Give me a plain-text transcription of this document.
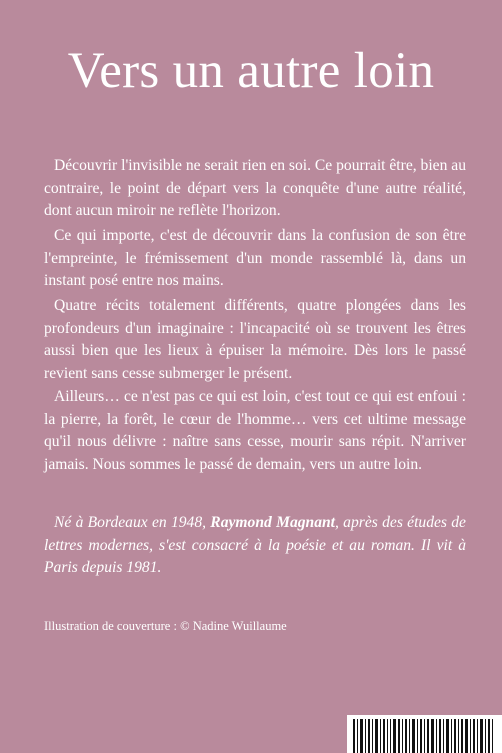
Vers un autre loin

Découvrir l'invisible ne serait rien en soi. Ce pourrait être, bien au contraire, le point de départ vers la conquête d'une autre réalité, dont aucun miroir ne reflète l'horizon.

Ce qui importe, c'est de découvrir dans la confusion de son être l'empreinte, le frémissement d'un monde rassemblé là, dans un instant posé entre nos mains.

Quatre récits totalement différents, quatre plongées dans les profondeurs d'un imaginaire : l'incapacité où se trouvent les êtres aussi bien que les lieux à épuiser la mémoire. Dès lors le passé revient sans cesse submerger le présent.

Ailleurs… ce n'est pas ce qui est loin, c'est tout ce qui est enfoui : la pierre, la forêt, le cœur de l'homme… vers cet ultime message qu'il nous délivre : naître sans cesse, mourir sans répit. N'arriver jamais. Nous sommes le passé de demain, vers un autre loin.

Né à Bordeaux en 1948, Raymond Magnant, après des études de lettres modernes, s'est consacré à la poésie et au roman. Il vit à Paris depuis 1981.

Illustration de couverture : © Nadine Wuillaume
